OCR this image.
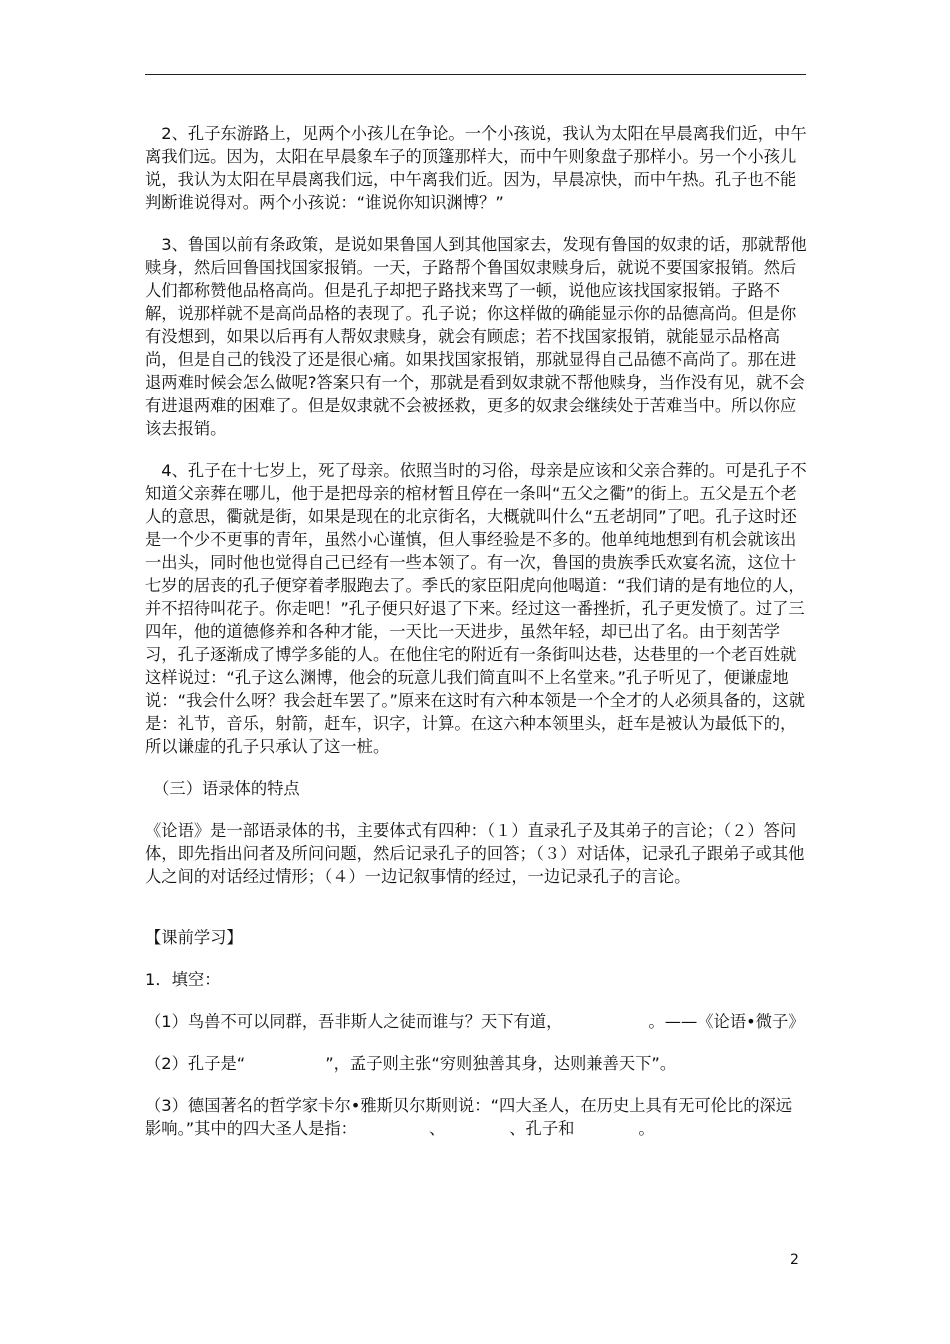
　2、孔子东游路上，见两个小孩儿在争论。一个小孩说，我认为太阳在早晨离我们近，中午离我们远。因为，太阳在早晨象车子的顶篷那样大，而中午则象盘子那样小。另一个小孩儿说，我认为太阳在早晨离我们远，中午离我们近。因为，早晨凉快，而中午热。孔子也不能判断谁说得对。两个小孩说：“谁说你知识渊博？”

　3、鲁国以前有条政策，是说如果鲁国人到其他国家去，发现有鲁国的奴隶的话，那就帮他赎身，然后回鲁国找国家报销。一天，子路帮个鲁国奴隶赎身后，就说不要国家报销。然后人们都称赞他品格高尚。但是孔子却把子路找来骂了一顿，说他应该找国家报销。子路不解，说那样就不是高尚品格的表现了。孔子说；你这样做的确能显示你的品德高尚。但是你有没想到，如果以后再有人帮奴隶赎身，就会有顾虑；若不找国家报销，就能显示品格高尚，但是自己的钱没了还是很心痛。如果找国家报销，那就显得自己品德不高尚了。那在进退两难时候会怎么做呢?答案只有一个，那就是看到奴隶就不帮他赎身，当作没有见，就不会有进退两难的困难了。但是奴隶就不会被拯救，更多的奴隶会继续处于苦难当中。所以你应该去报销。

　4、孔子在十七岁上，死了母亲。依照当时的习俗，母亲是应该和父亲合葬的。可是孔子不知道父亲葬在哪儿，他于是把母亲的棺材暂且停在一条叫“五父之衢”的街上。五父是五个老人的意思，衢就是街，如果是现在的北京街名，大概就叫什么“五老胡同”了吧。孔子这时还是一个少不更事的青年，虽然小心谨慎，但人事经验是不多的。他单纯地想到有机会就该出一出头，同时他也觉得自己已经有一些本领了。有一次，鲁国的贵族季氏欢宴名流，这位十七岁的居丧的孔子便穿着孝服跑去了。季氏的家臣阳虎向他喝道：“我们请的是有地位的人，并不招待叫花子。你走吧！”孔子便只好退了下来。经过这一番挫折，孔子更发愤了。过了三四年，他的道德修养和各种才能，一天比一天进步，虽然年轻，却已出了名。由于刻苦学习，孔子逐渐成了博学多能的人。在他住宅的附近有一条街叫达巷，达巷里的一个老百姓就这样说过：“孔子这么渊博，他会的玩意儿我们简直叫不上名堂来。”孔子听见了，便谦虚地说：“我会什么呀？我会赶车罢了。”原来在这时有六种本领是一个全才的人必须具备的，这就是：礼节，音乐，射箭，赶车，识字，计算。在这六种本领里头，赶车是被认为最低下的，所以谦虚的孔子只承认了这一桩。

　（三）语录体的特点

《论语》是一部语录体的书，主要体式有四种：（１）直录孔子及其弟子的言论；（２）答问体，即先指出问者及所问问题，然后记录孔子的回答；（３）对话体，记录孔子跟弟子或其他人之间的对话经过情形；（４）一边记叙事情的经过，一边记录孔子的言论。

【课前学习】

1．填空：

（1）鸟兽不可以同群，吾非斯人之徒而谁与？天下有道，	。——《论语•微子》

（2）孔子是“	”，孟子则主张“穷则独善其身，达则兼善天下”。

（3）德国著名的哲学家卡尔•雅斯贝尔斯则说：“四大圣人，在历史上具有无可伦比的深远影响。”其中的四大圣人是指：	、	、孔子和	。

2
